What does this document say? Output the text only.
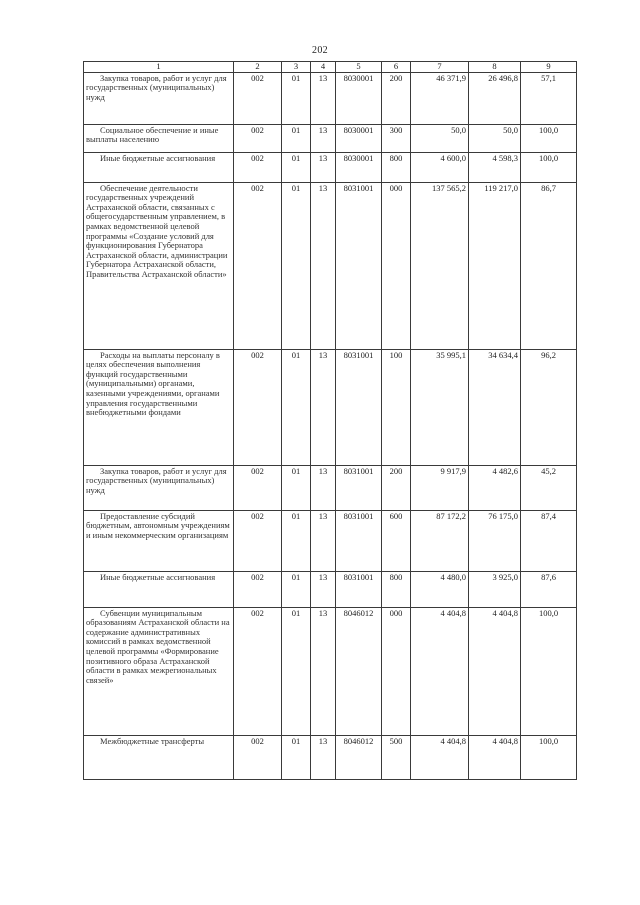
202
1	2	3	4	5	6	7	8	9
Закупка товаров, работ и услуг для государственных (муниципальных) нужд	002	01	13	8030001	200	46 371,9	26 496,8	57,1
Социальное обеспечение и иные выплаты населению	002	01	13	8030001	300	50,0	50,0	100,0
Иные бюджетные ассигнования	002	01	13	8030001	800	4 600,0	4 598,3	100,0
Обеспечение деятельности государственных учреждений Астраханской области, связанных с общегосударственным управлением, в рамках ведомственной целевой программы «Создание условий для функционирования Губернатора Астраханской области, администрации Губернатора Астраханской области, Правительства Астраханской области»	002	01	13	8031001	000	137 565,2	119 217,0	86,7
Расходы на выплаты персоналу в целях обеспечения выполнения функций государственными (муниципальными) органами, казенными учреждениями, органами управления государственными внебюджетными фондами	002	01	13	8031001	100	35 995,1	34 634,4	96,2
Закупка товаров, работ и услуг для государственных (муниципальных) нужд	002	01	13	8031001	200	9 917,9	4 482,6	45,2
Предоставление субсидий бюджетным, автономным учреждениям и иным некоммерческим организациям	002	01	13	8031001	600	87 172,2	76 175,0	87,4
Иные бюджетные ассигнования	002	01	13	8031001	800	4 480,0	3 925,0	87,6
Субвенции муниципальным образованиям Астраханской области на содержание административных комиссий в рамках ведомственной целевой программы «Формирование позитивного образа Астраханской области в рамках межрегиональных связей»	002	01	13	8046012	000	4 404,8	4 404,8	100,0
Межбюджетные трансферты	002	01	13	8046012	500	4 404,8	4 404,8	100,0
